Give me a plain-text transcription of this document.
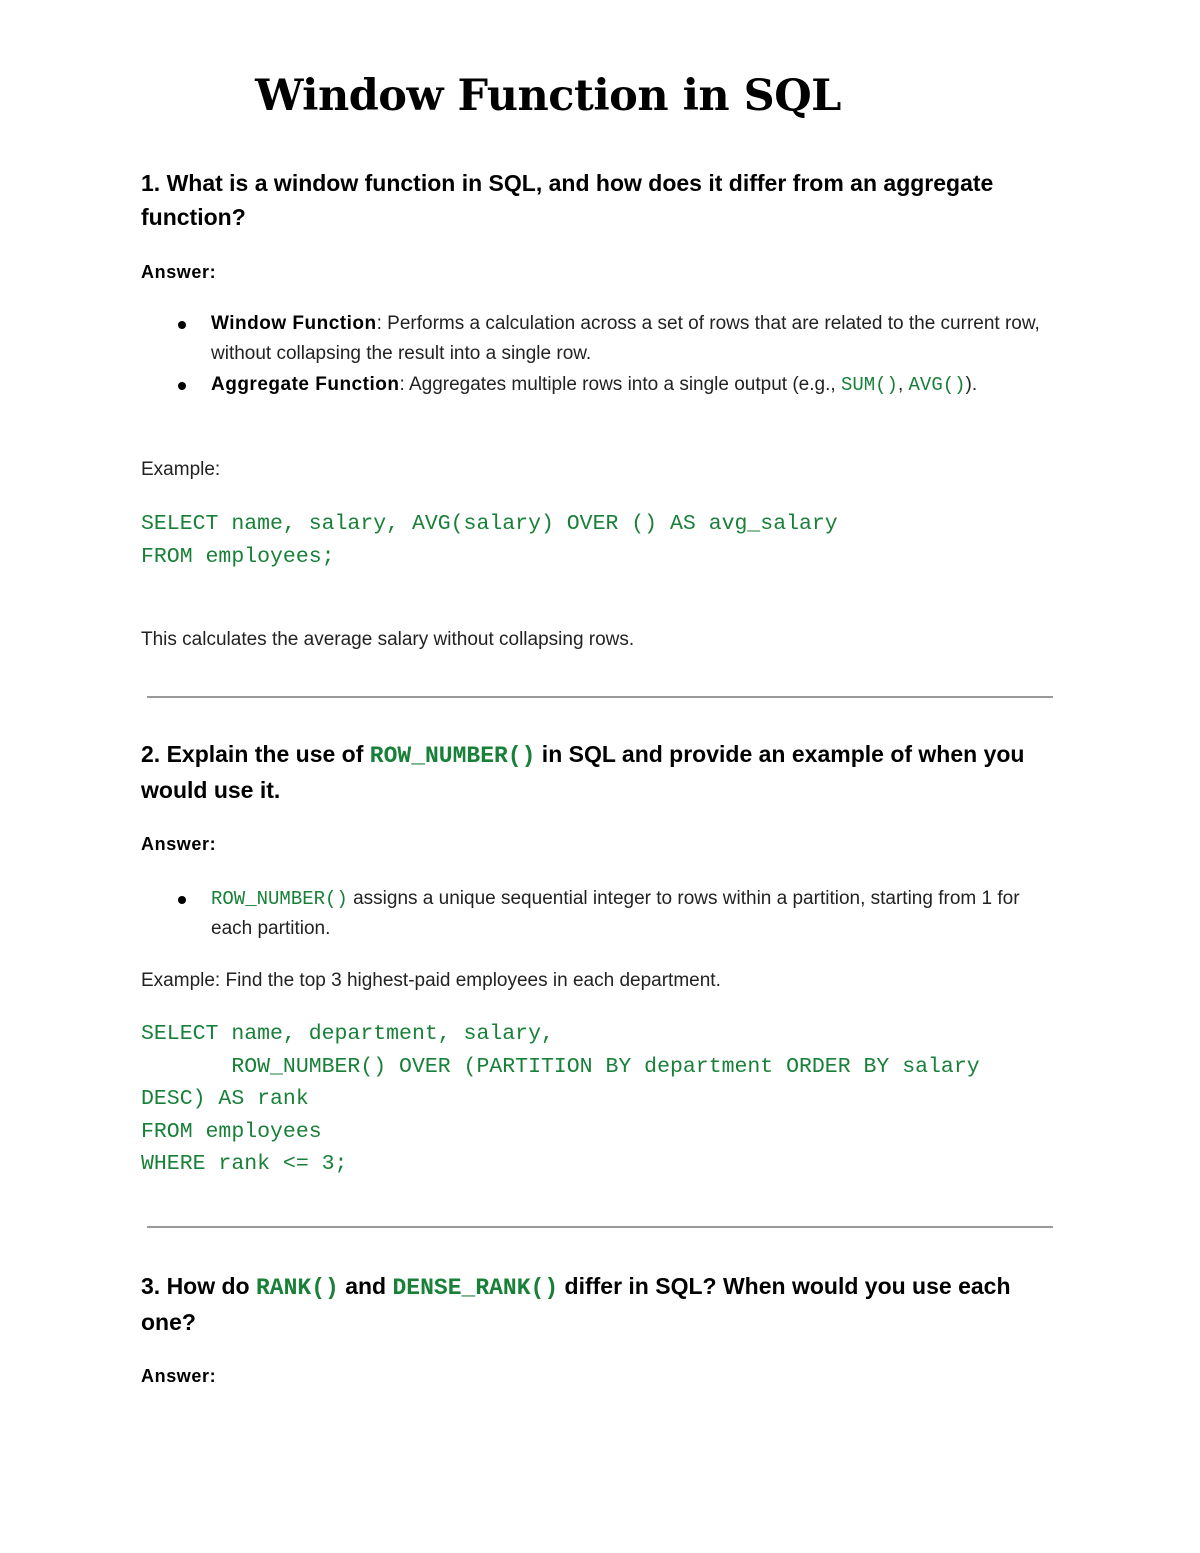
Window Function in SQL
1. What is a window function in SQL, and how does it differ from an aggregate function?
Answer:
Window Function: Performs a calculation across a set of rows that are related to the current row, without collapsing the result into a single row.
Aggregate Function: Aggregates multiple rows into a single output (e.g., SUM(), AVG()).
Example:
SELECT name, salary, AVG(salary) OVER () AS avg_salary
FROM employees;
This calculates the average salary without collapsing rows.
2. Explain the use of ROW_NUMBER() in SQL and provide an example of when you would use it.
Answer:
ROW_NUMBER() assigns a unique sequential integer to rows within a partition, starting from 1 for each partition.
Example: Find the top 3 highest-paid employees in each department.
SELECT name, department, salary,
ROW_NUMBER() OVER (PARTITION BY department ORDER BY salary
DESC) AS rank
FROM employees
WHERE rank <= 3;
3. How do RANK() and DENSE_RANK() differ in SQL? When would you use each one?
Answer:
